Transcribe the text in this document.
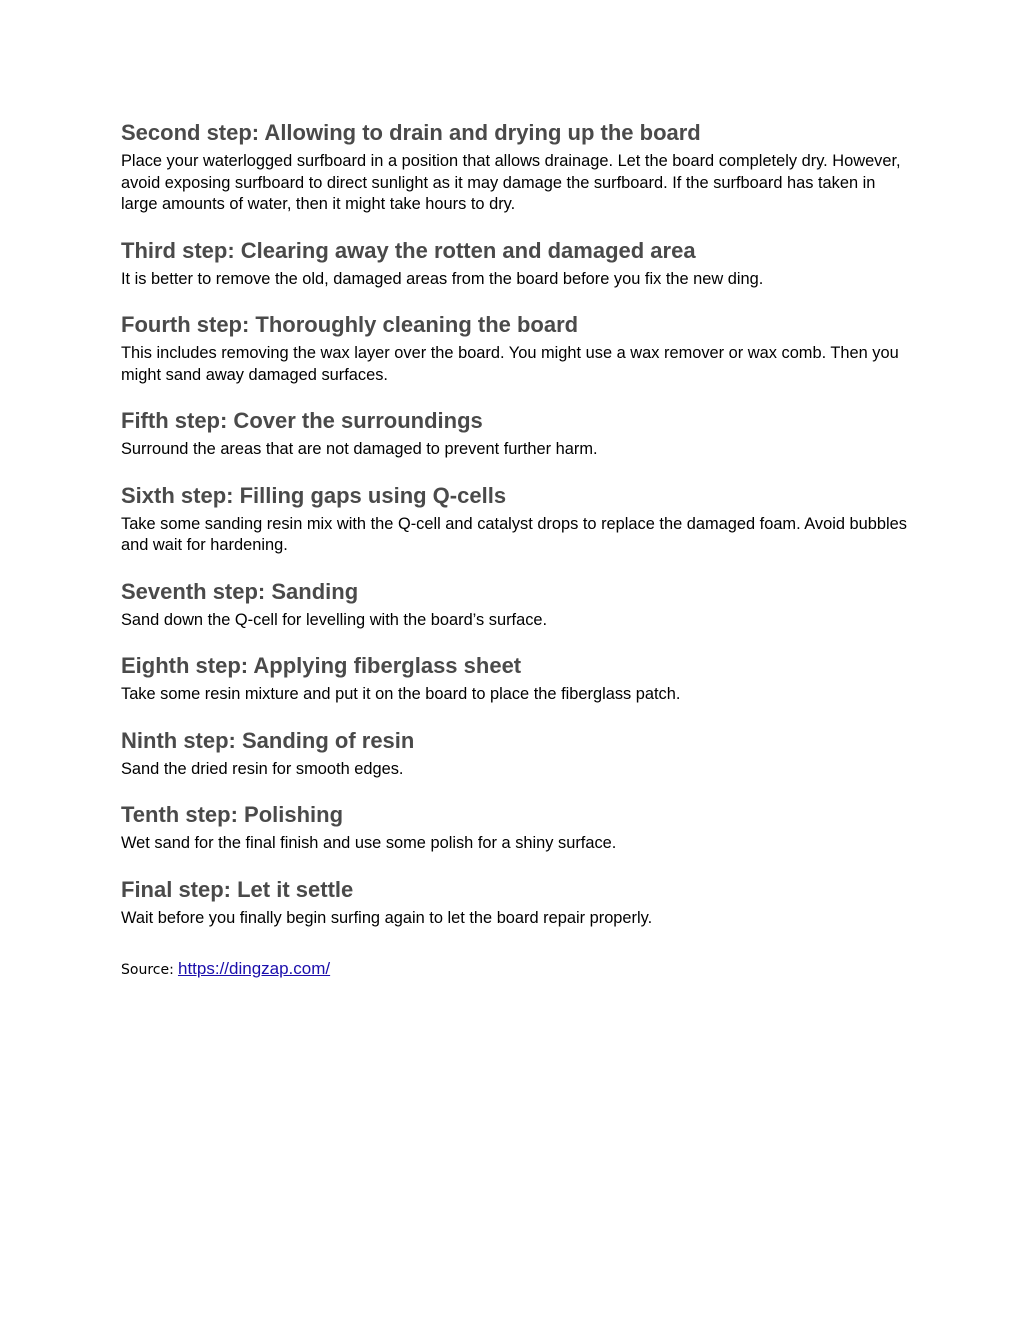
Second step: Allowing to drain and drying up the board

Place your waterlogged surfboard in a position that allows drainage. Let the board completely dry. However, avoid exposing surfboard to direct sunlight as it may damage the surfboard. If the surfboard has taken in large amounts of water, then it might take hours to dry.

Third step: Clearing away the rotten and damaged area

It is better to remove the old, damaged areas from the board before you fix the new ding.

Fourth step: Thoroughly cleaning the board

This includes removing the wax layer over the board. You might use a wax remover or wax comb. Then you might sand away damaged surfaces.

Fifth step: Cover the surroundings

Surround the areas that are not damaged to prevent further harm.

Sixth step: Filling gaps using Q-cells

Take some sanding resin mix with the Q-cell and catalyst drops to replace the damaged foam. Avoid bubbles and wait for hardening.

Seventh step: Sanding

Sand down the Q-cell for levelling with the board’s surface.

Eighth step: Applying fiberglass sheet

Take some resin mixture and put it on the board to place the fiberglass patch.

Ninth step: Sanding of resin

Sand the dried resin for smooth edges.

Tenth step: Polishing

Wet sand for the final finish and use some polish for a shiny surface.

Final step: Let it settle

Wait before you finally begin surfing again to let the board repair properly.

Source: https://dingzap.com/
